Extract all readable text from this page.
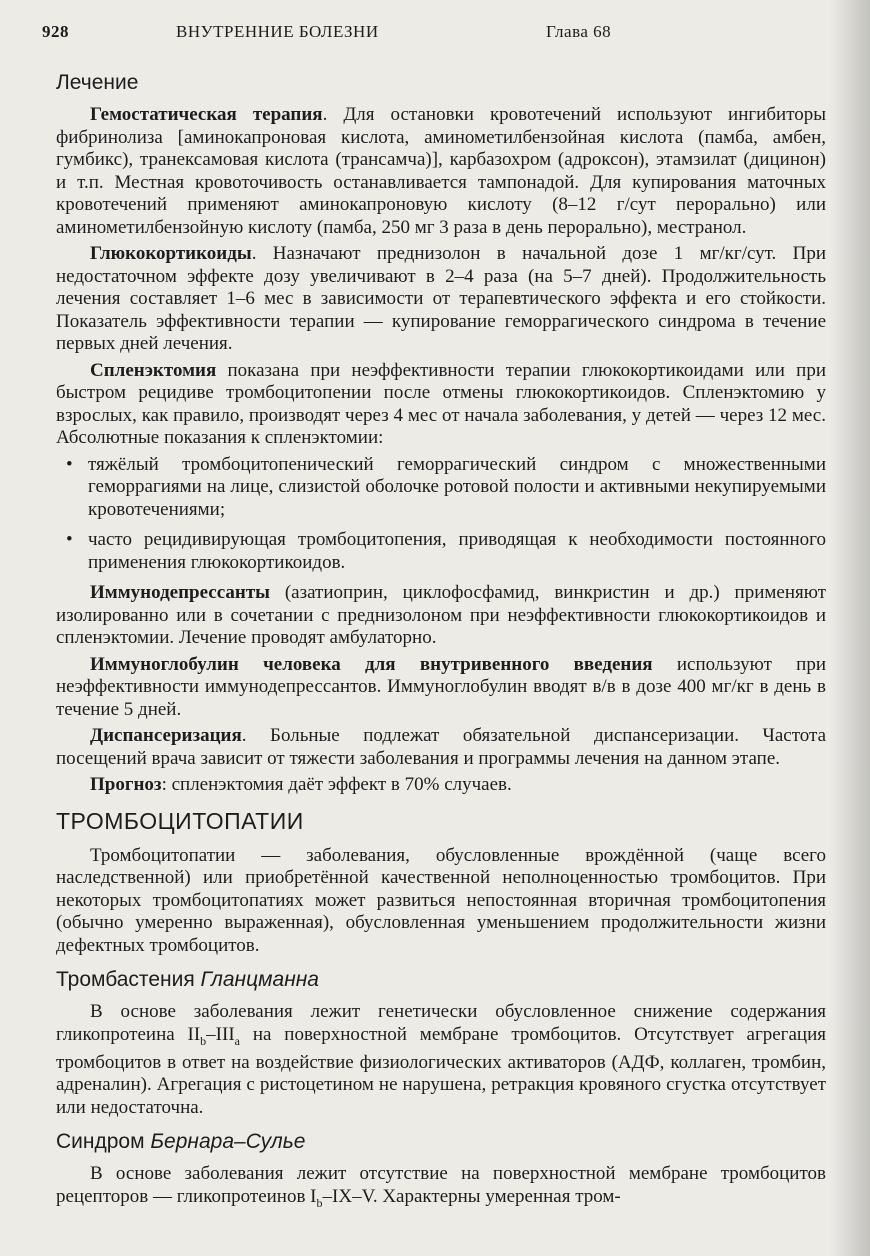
928	ВНУТРЕННИЕ БОЛЕЗНИ	Глава 68
Лечение

Гемостатическая терапия. Для остановки кровотечений используют ингибиторы фибринолиза [аминокапроновая кислота, аминометилбензойная кислота (памба, амбен, гумбикс), транексамовая кислота (трансамча)], карбазохром (адроксон), этамзилат (дицинон) и т.п. Местная кровоточивость останавливается тампонадой. Для купирования маточных кровотечений применяют аминокапроновую кислоту (8–12 г/сут перорально) или аминометилбензойную кислоту (памба, 250 мг 3 раза в день перорально), местранол.

Глюкокортикоиды. Назначают преднизолон в начальной дозе 1 мг/кг/сут. При недостаточном эффекте дозу увеличивают в 2–4 раза (на 5–7 дней). Продолжительность лечения составляет 1–6 мес в зависимости от терапевтического эффекта и его стойкости. Показатель эффективности терапии — купирование геморрагического синдрома в течение первых дней лечения.

Спленэктомия показана при неэффективности терапии глюкокортикоидами или при быстром рецидиве тромбоцитопении после отмены глюкокортикоидов. Спленэктомию у взрослых, как правило, производят через 4 мес от начала заболевания, у детей — через 12 мес. Абсолютные показания к спленэктомии:

• тяжёлый тромбоцитопенический геморрагический синдром с множественными геморрагиями на лице, слизистой оболочке ротовой полости и активными некупируемыми кровотечениями;
• часто рецидивирующая тромбоцитопения, приводящая к необходимости постоянного применения глюкокортикоидов.

Иммунодепрессанты (азатиоприн, циклофосфамид, винкристин и др.) применяют изолированно или в сочетании с преднизолоном при неэффективности глюкокортикоидов и спленэктомии. Лечение проводят амбулаторно.

Иммуноглобулин человека для внутривенного введения используют при неэффективности иммунодепрессантов. Иммуноглобулин вводят в/в в дозе 400 мг/кг в день в течение 5 дней.

Диспансеризация. Больные подлежат обязательной диспансеризации. Частота посещений врача зависит от тяжести заболевания и программы лечения на данном этапе.

Прогноз: спленэктомия даёт эффект в 70% случаев.

ТРОМБОЦИТОПАТИИ

Тромбоцитопатии — заболевания, обусловленные врождённой (чаще всего наследственной) или приобретённой качественной неполноценностью тромбоцитов. При некоторых тромбоцитопатиях может развиться непостоянная вторичная тромбоцитопения (обычно умеренно выраженная), обусловленная уменьшением продолжительности жизни дефектных тромбоцитов.

Тромбастения Гланцманна

В основе заболевания лежит генетически обусловленное снижение содержания гликопротеина $II_b-III_a$ на поверхностной мембране тромбоцитов. Отсутствует агрегация тромбоцитов в ответ на воздействие физиологических активаторов (АДФ, коллаген, тромбин, адреналин). Агрегация с ристоцетином не нарушена, ретракция кровяного сгустка отсутствует или недостаточна.

Синдром Бернара–Сулье

В основе заболевания лежит отсутствие на поверхностной мембране тромбоцитов рецепторов — гликопротеинов $I_b-IX-V$. Характерны умеренная тром-
